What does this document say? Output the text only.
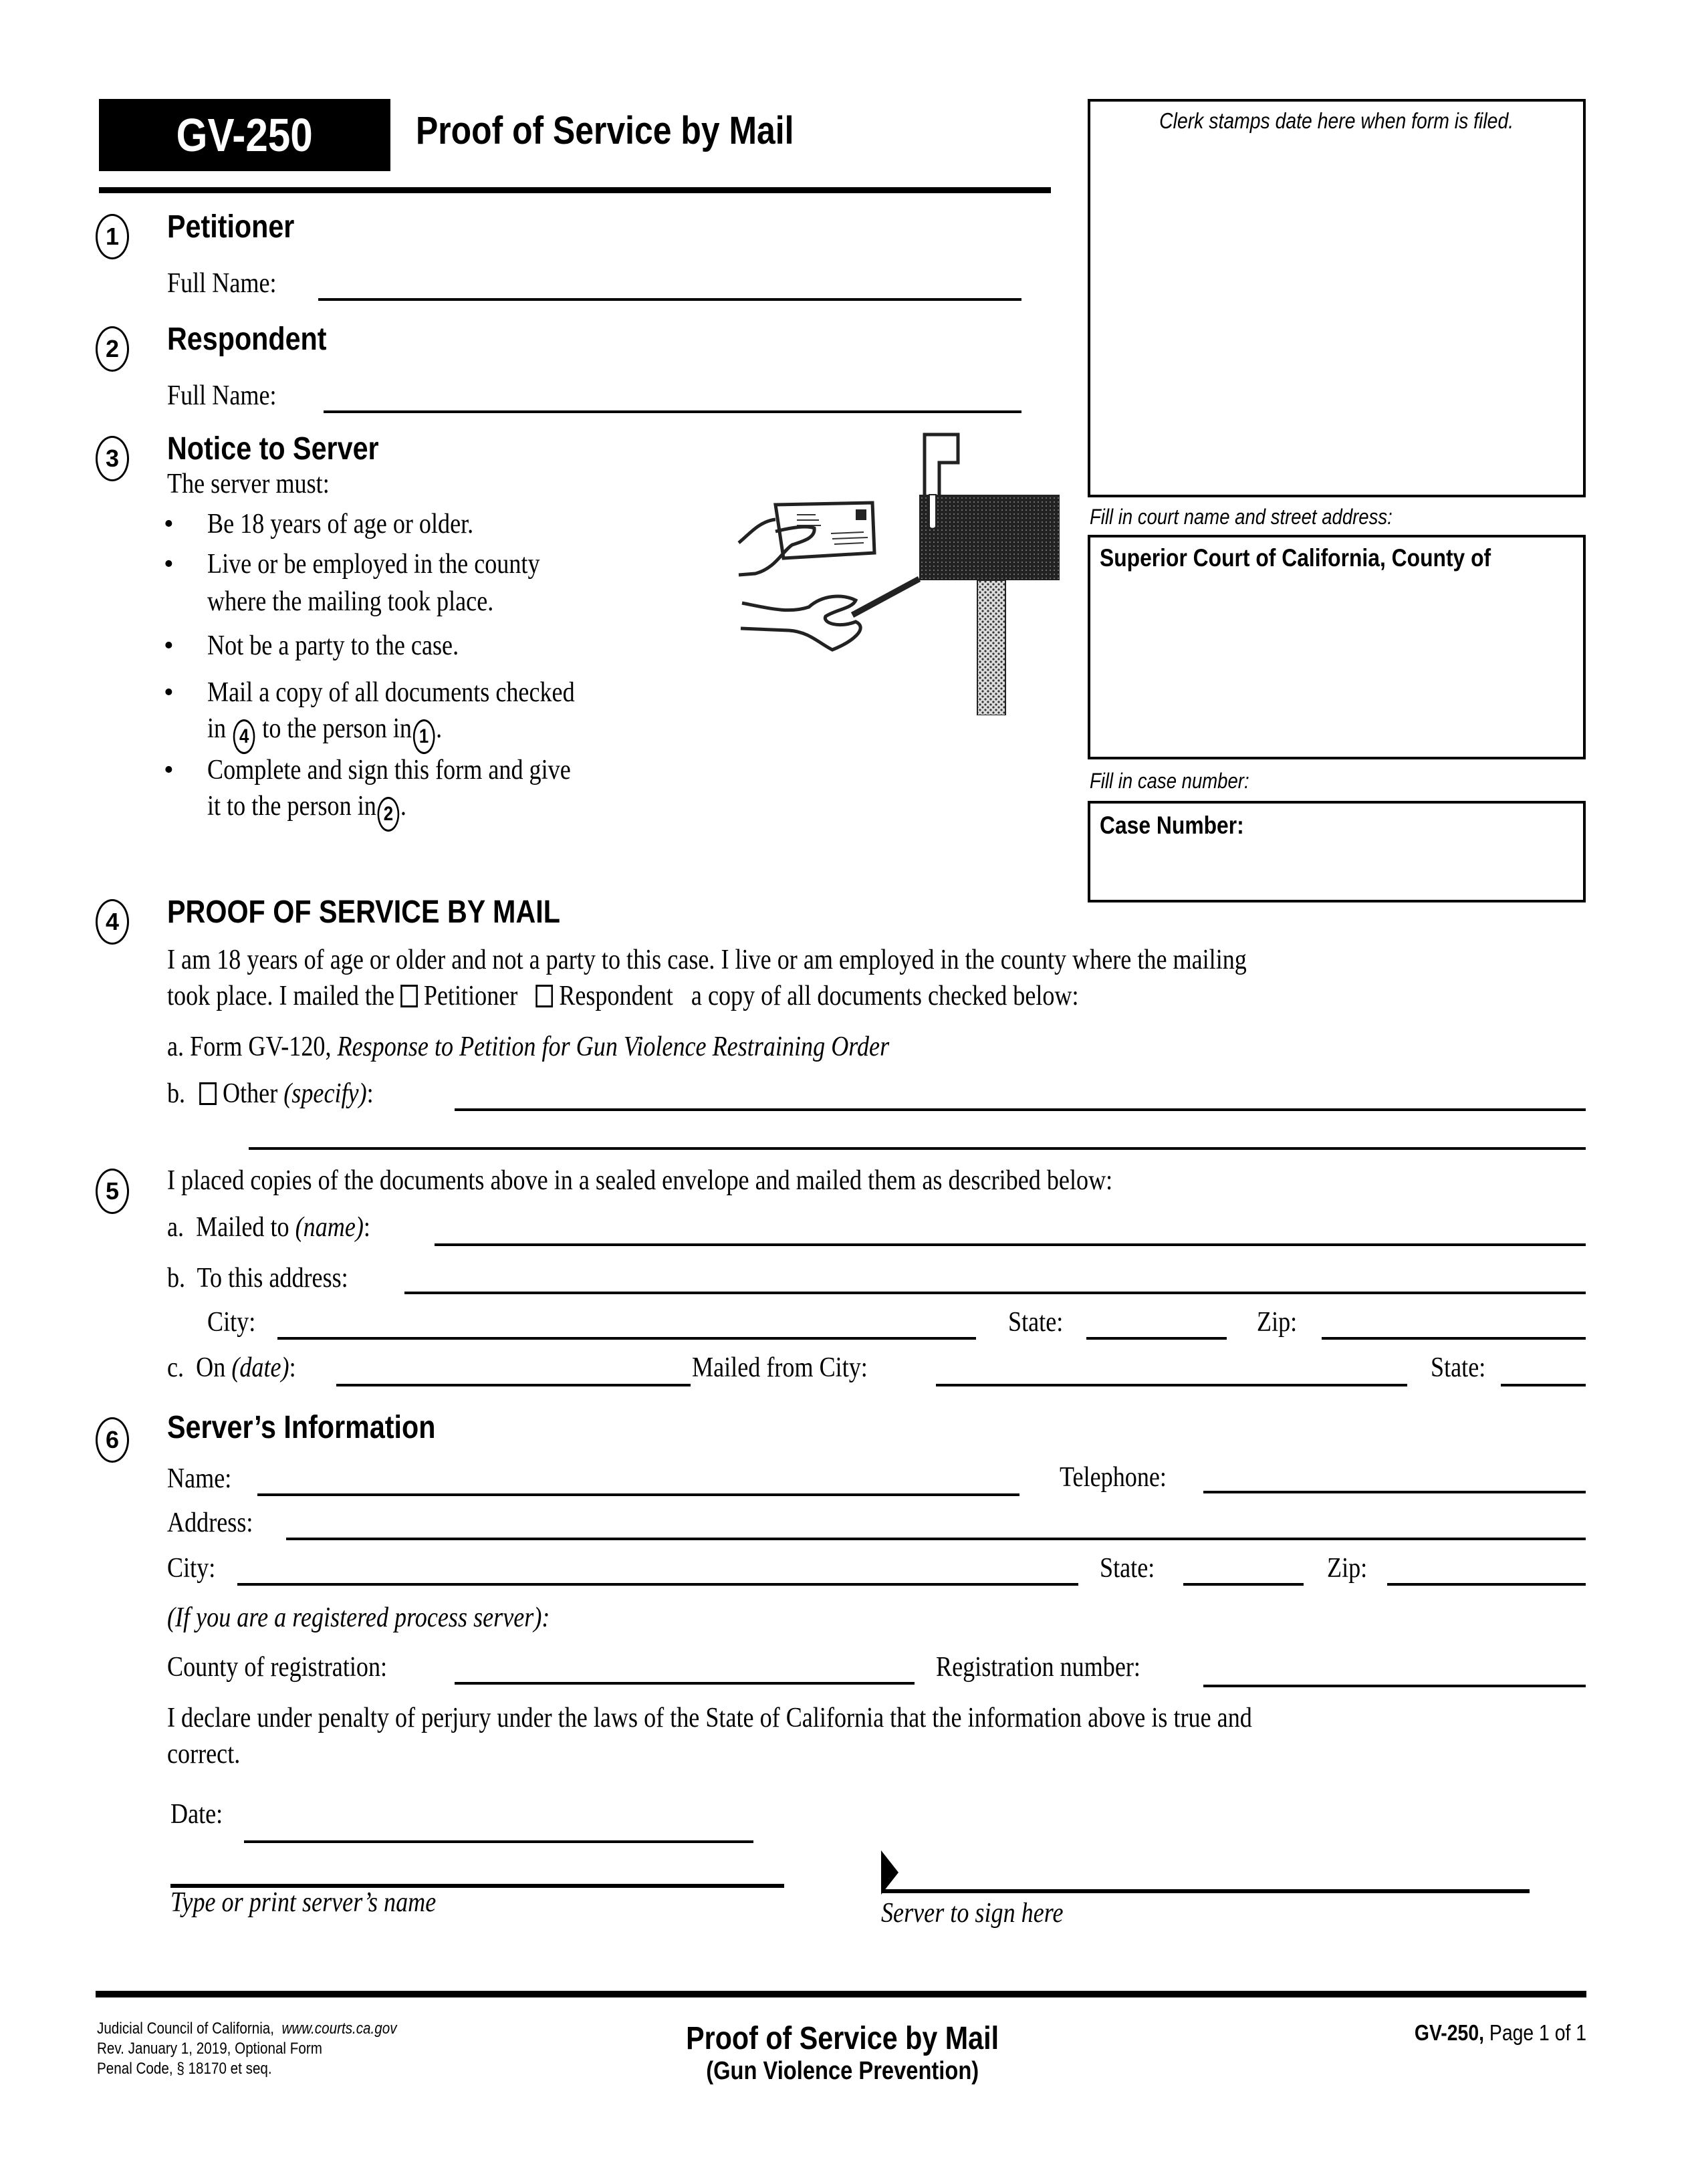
GV-250	Proof of Service by Mail	Clerk stamps date here when form is filed.
Fill in court name and street address:
Superior Court of California, County of
Fill in case number:
Case Number:
1 Petitioner
Full Name:
2 Respondent
Full Name:
3 Notice to Server
The server must:
• Be 18 years of age or older.
• Live or be employed in the county
where the mailing took place.
• Not be a party to the case.
• Mail a copy of all documents checked
in 4 to the person in 1 .
• Complete and sign this form and give
it to the person in 2 .
4 PROOF OF SERVICE BY MAIL
I am 18 years of age or older and not a party to this case. I live or am employed in the county where the mailing
took place. I mailed the Petitioner Respondent a copy of all documents checked below:
a. Form GV-120, Response to Petition for Gun Violence Restraining Order
b. Other (specify):
5 I placed copies of the documents above in a sealed envelope and mailed them as described below:
a. Mailed to (name):
b. To this address:
City:	State:	Zip:
c. On (date):	Mailed from City:	State:
6 Server’s Information
Name:	Telephone:
Address:
City:	State:	Zip:
(If you are a registered process server):
County of registration:	Registration number:
I declare under penalty of perjury under the laws of the State of California that the information above is true and
correct.
Date:
Type or print server’s name	Server to sign here
Judicial Council of California, www.courts.ca.gov
Rev. January 1, 2019, Optional Form
Penal Code, § 18170 et seq.
Proof of Service by Mail
(Gun Violence Prevention)
GV-250, Page 1 of 1
